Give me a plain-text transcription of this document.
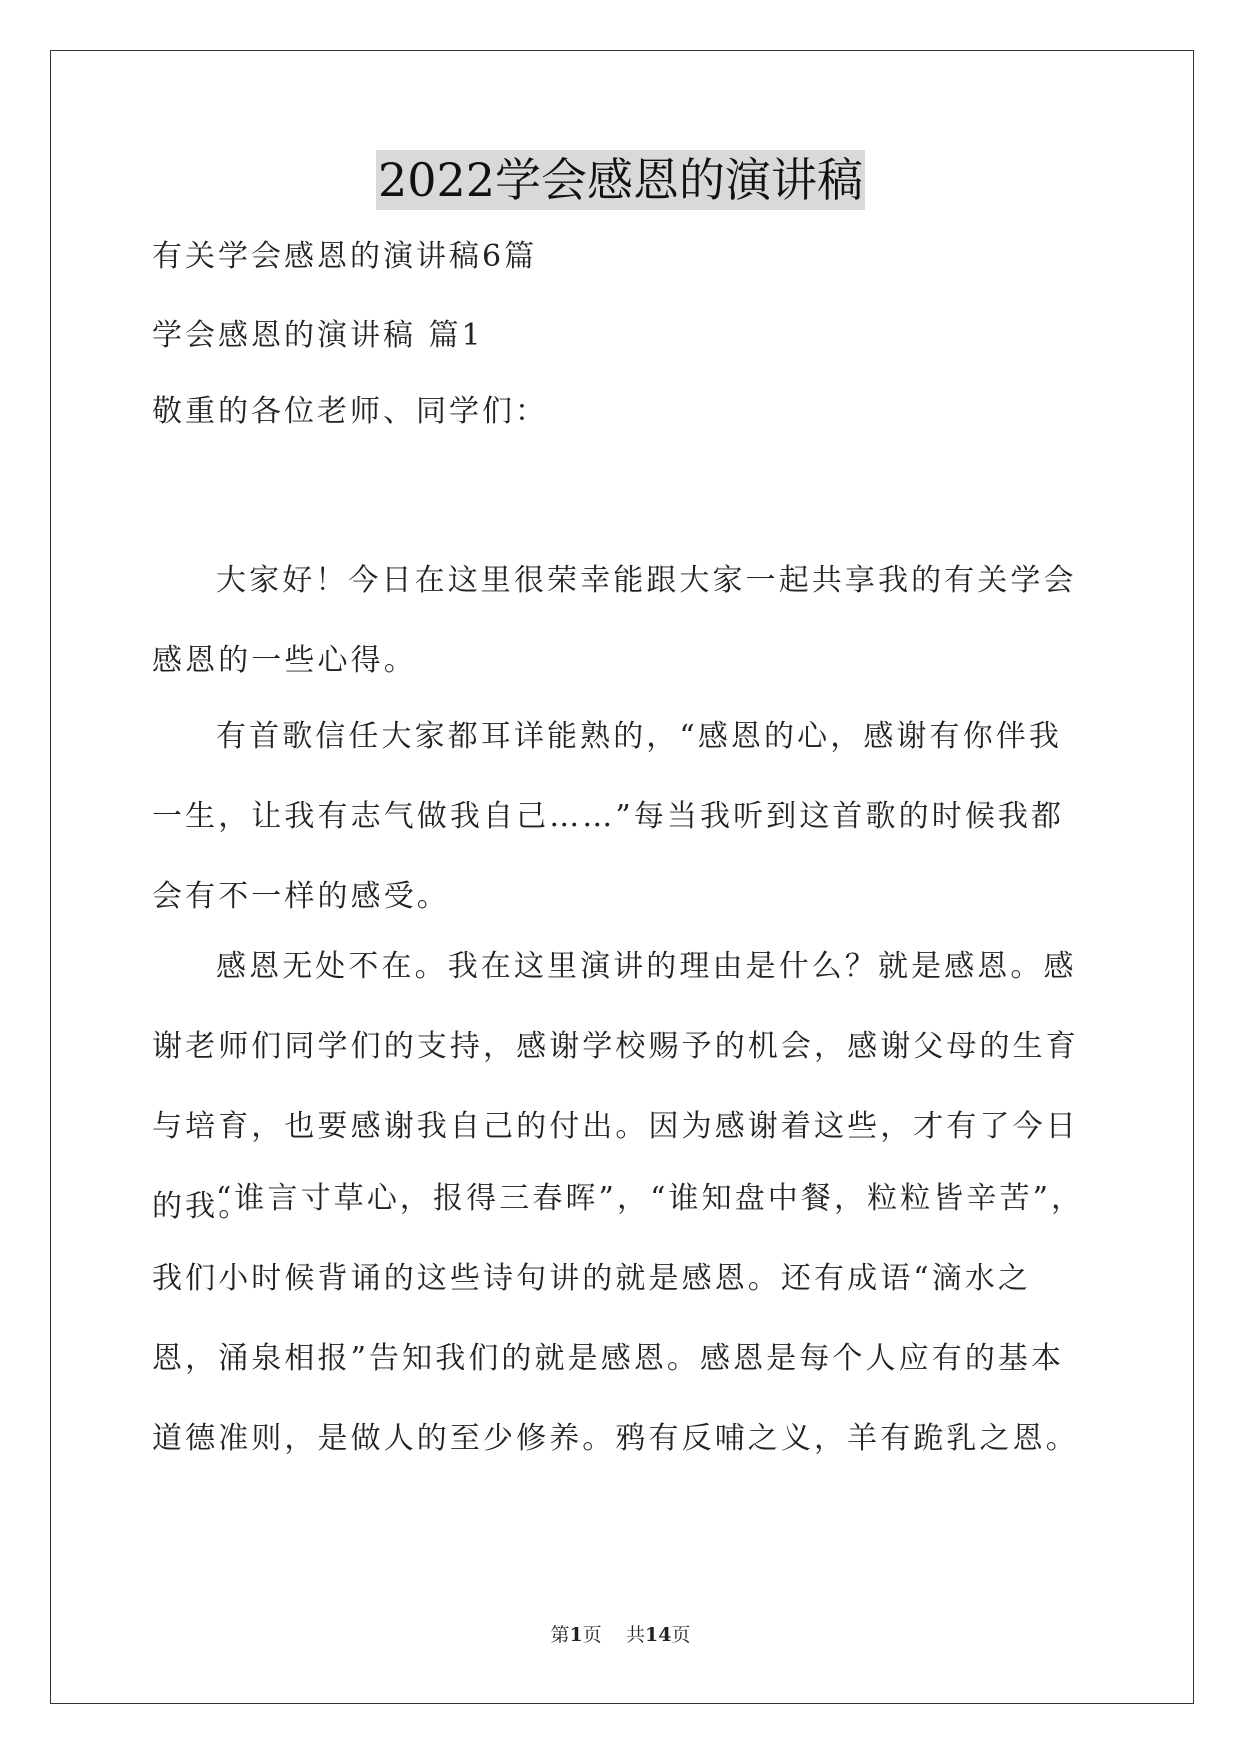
2022学会感恩的演讲稿
有关学会感恩的演讲稿6篇
学会感恩的演讲稿 篇1
敬重的各位老师、同学们：

大家好！今日在这里很荣幸能跟大家一起共享我的有关学会感恩的一些心得。

有首歌信任大家都耳详能熟的，“感恩的心，感谢有你伴我一生，让我有志气做我自己……”每当我听到这首歌的时候我都会有不一样的感受。

感恩无处不在。我在这里演讲的理由是什么？就是感恩。感谢老师们同学们的支持，感谢学校赐予的机会，感谢父母的生育与培育，也要感谢我自己的付出。因为感谢着这些，才有了今日的我。

“谁言寸草心，报得三春晖”，“谁知盘中餐，粒粒皆辛苦”，我们小时候背诵的这些诗句讲的就是感恩。还有成语“滴水之恩，涌泉相报”告知我们的就是感恩。感恩是每个人应有的基本道德准则，是做人的至少修养。鸦有反哺之义，羊有跪乳之恩。

第1页 共14页
